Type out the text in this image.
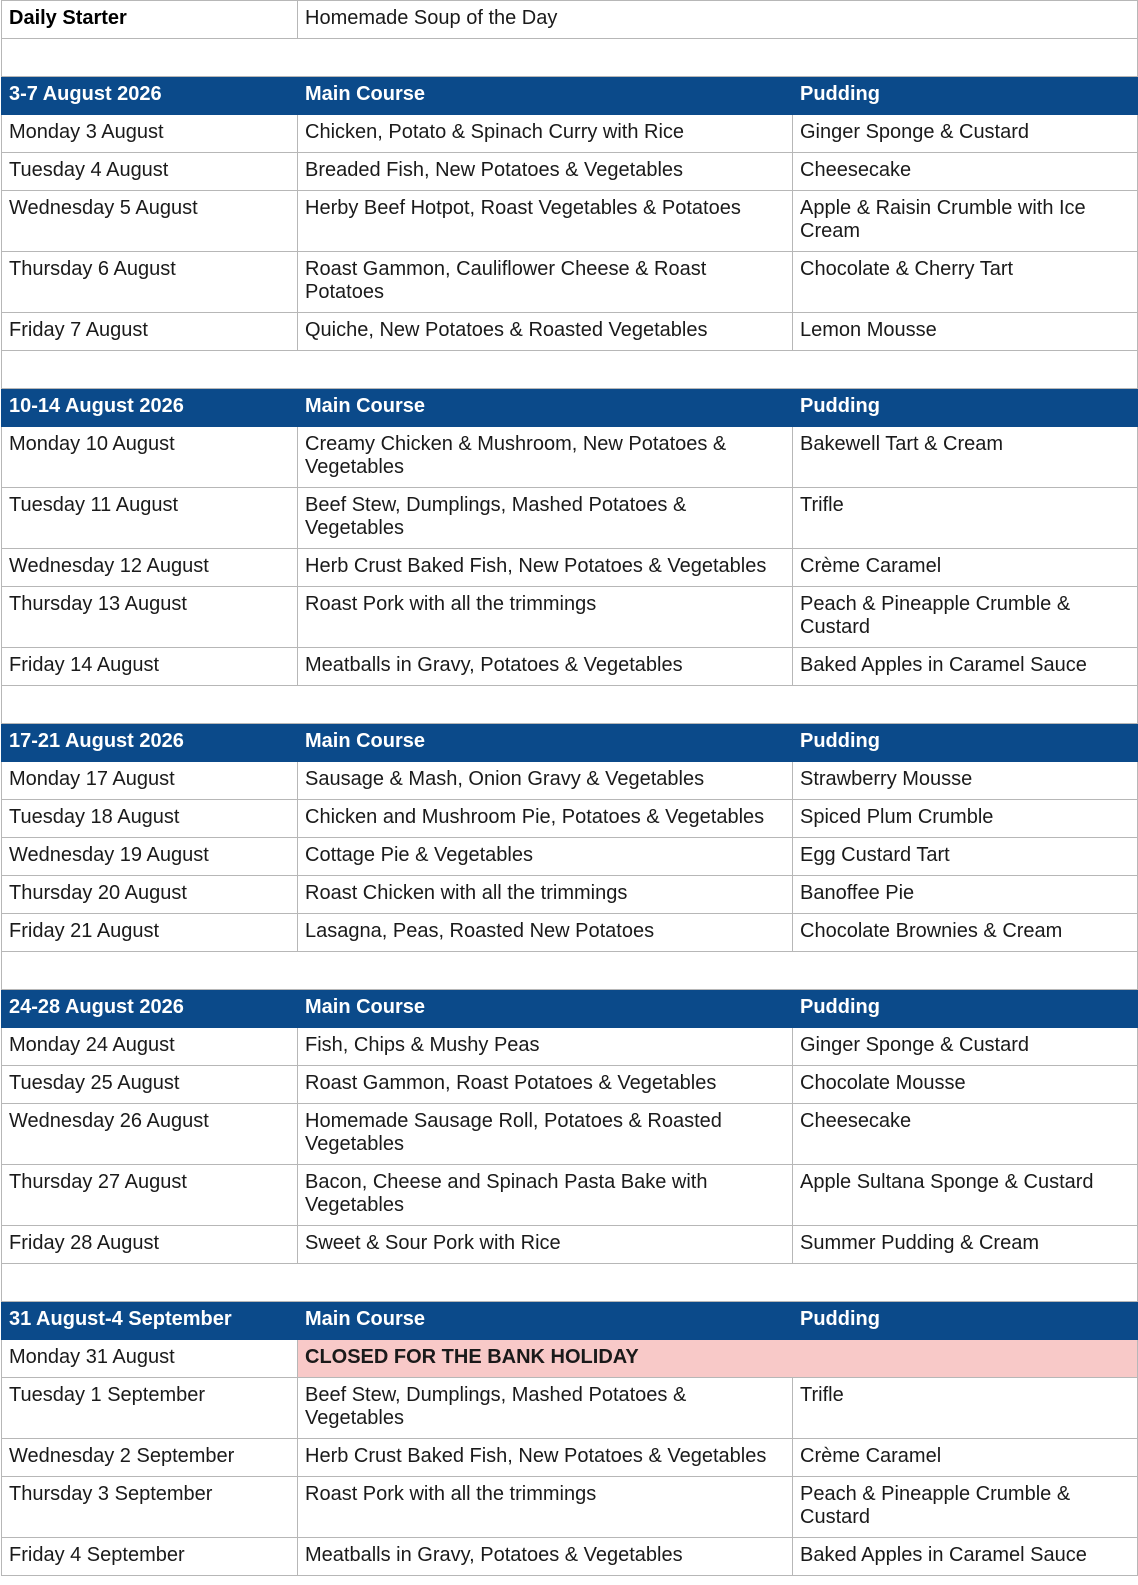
Daily Starter	Homemade Soup of the Day	

3-7 August 2026	Main Course	Pudding
Monday 3 August	Chicken, Potato & Spinach Curry with Rice	Ginger Sponge & Custard
Tuesday 4 August	Breaded Fish, New Potatoes & Vegetables	Cheesecake
Wednesday 5 August	Herby Beef Hotpot, Roast Vegetables & Potatoes	Apple & Raisin Crumble with Ice Cream
Thursday 6 August	Roast Gammon, Cauliflower Cheese & Roast Potatoes	Chocolate & Cherry Tart
Friday 7 August	Quiche, New Potatoes & Roasted Vegetables	Lemon Mousse

10-14 August 2026	Main Course	Pudding
Monday 10 August	Creamy Chicken & Mushroom, New Potatoes & Vegetables	Bakewell Tart & Cream
Tuesday 11 August	Beef Stew, Dumplings, Mashed Potatoes & Vegetables	Trifle
Wednesday 12 August	Herb Crust Baked Fish, New Potatoes & Vegetables	Crème Caramel
Thursday 13 August	Roast Pork with all the trimmings	Peach & Pineapple Crumble & Custard
Friday 14 August	Meatballs in Gravy, Potatoes & Vegetables	Baked Apples in Caramel Sauce

17-21 August 2026	Main Course	Pudding
Monday 17 August	Sausage & Mash, Onion Gravy & Vegetables	Strawberry Mousse
Tuesday 18 August	Chicken and Mushroom Pie, Potatoes & Vegetables	Spiced Plum Crumble
Wednesday 19 August	Cottage Pie & Vegetables	Egg Custard Tart
Thursday 20 August	Roast Chicken with all the trimmings	Banoffee Pie
Friday 21 August	Lasagna, Peas, Roasted New Potatoes	Chocolate Brownies & Cream

24-28 August 2026	Main Course	Pudding
Monday 24 August	Fish, Chips & Mushy Peas	Ginger Sponge & Custard
Tuesday 25 August	Roast Gammon, Roast Potatoes & Vegetables	Chocolate Mousse
Wednesday 26 August	Homemade Sausage Roll, Potatoes & Roasted Vegetables	Cheesecake
Thursday 27 August	Bacon, Cheese and Spinach Pasta Bake with Vegetables	Apple Sultana Sponge & Custard
Friday 28 August	Sweet & Sour Pork with Rice	Summer Pudding & Cream

31 August-4 September	Main Course	Pudding
Monday 31 August	CLOSED FOR THE BANK HOLIDAY	
Tuesday 1 September	Beef Stew, Dumplings, Mashed Potatoes & Vegetables	Trifle
Wednesday 2 September	Herb Crust Baked Fish, New Potatoes & Vegetables	Crème Caramel
Thursday 3 September	Roast Pork with all the trimmings	Peach & Pineapple Crumble & Custard
Friday 4 September	Meatballs in Gravy, Potatoes & Vegetables	Baked Apples in Caramel Sauce
